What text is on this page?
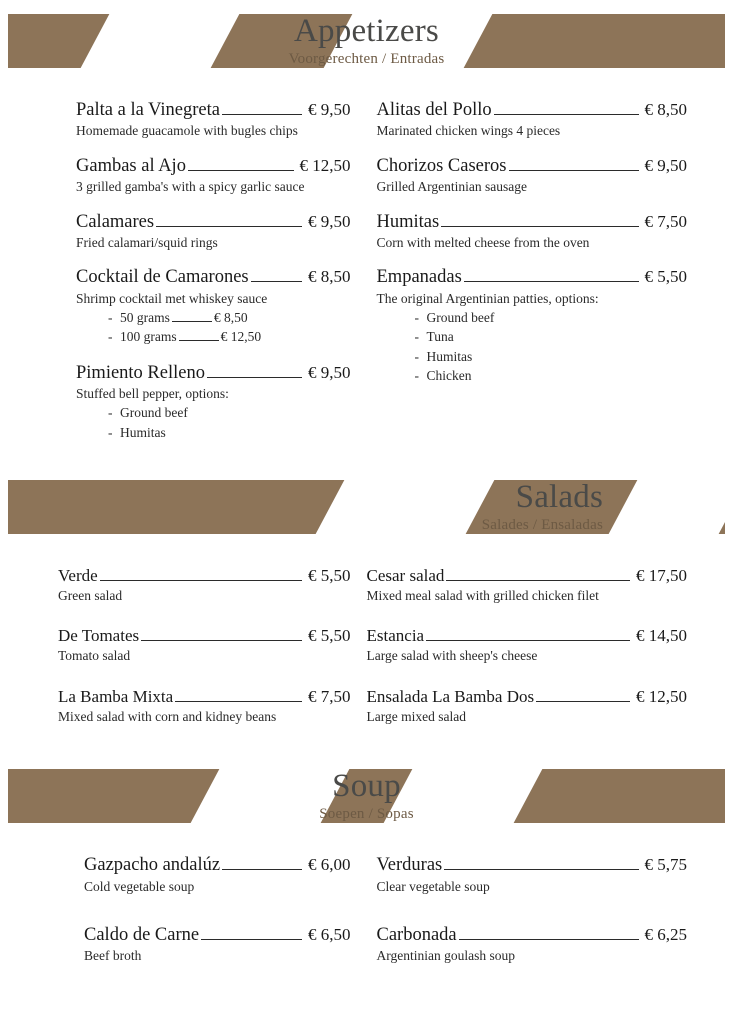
Appetizers
Voorgerechten / Entradas
Palta a la Vinegreta	€ 9,50
Homemade guacamole with bugles chips
Gambas al Ajo	€ 12,50
3 grilled gamba's with a spicy garlic sauce
Calamares	€ 9,50
Fried calamari/squid rings
Cocktail de Camarones	€ 8,50
Shrimp cocktail met whiskey sauce
- 50 grams	€ 8,50
- 100 grams	€ 12,50
Pimiento Relleno	€ 9,50
Stuffed bell pepper, options:
- Ground beef
- Humitas
Alitas del Pollo	€ 8,50
Marinated chicken wings 4 pieces
Chorizos Caseros	€ 9,50
Grilled Argentinian sausage
Humitas	€ 7,50
Corn with melted cheese from the oven
Empanadas	€ 5,50
The original Argentinian patties, options:
- Ground beef
- Tuna
- Humitas
- Chicken
Salads
Salades / Ensaladas
Verde	€ 5,50
Green salad
De Tomates	€ 5,50
Tomato salad
La Bamba Mixta	€ 7,50
Mixed salad with corn and kidney beans
Cesar salad	€ 17,50
Mixed meal salad with grilled chicken filet
Estancia	€ 14,50
Large salad with sheep's cheese
Ensalada La Bamba Dos	€ 12,50
Large mixed salad
Soup
Soepen / Sopas
Gazpacho andalúz	€ 6,00
Cold vegetable soup
Caldo de Carne	€ 6,50
Beef broth
Verduras	€ 5,75
Clear vegetable soup
Carbonada	€ 6,25
Argentinian goulash soup
